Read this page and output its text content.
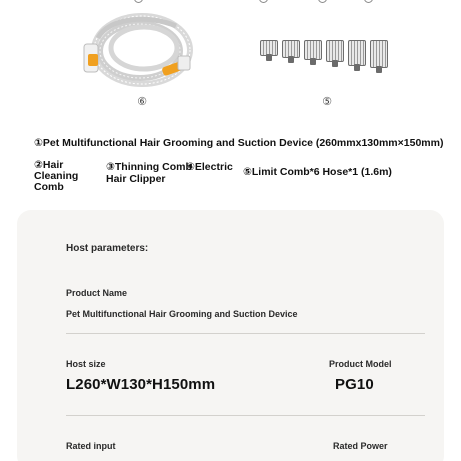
⑥	⑤
①Pet Multifunctional Hair Grooming and Suction Device (260mmx130mm×150mm)
②Hair Cleaning Comb
③Thinning Comb
Hair Clipper
④Electric ⑤Limit Comb*6 Hose*1 (1.6m)
Host parameters:
Product Name
Pet Multifunctional Hair Grooming and Suction Device
Host size
L260*W130*H150mm
Product Model
PG10
Rated input	Rated Power
